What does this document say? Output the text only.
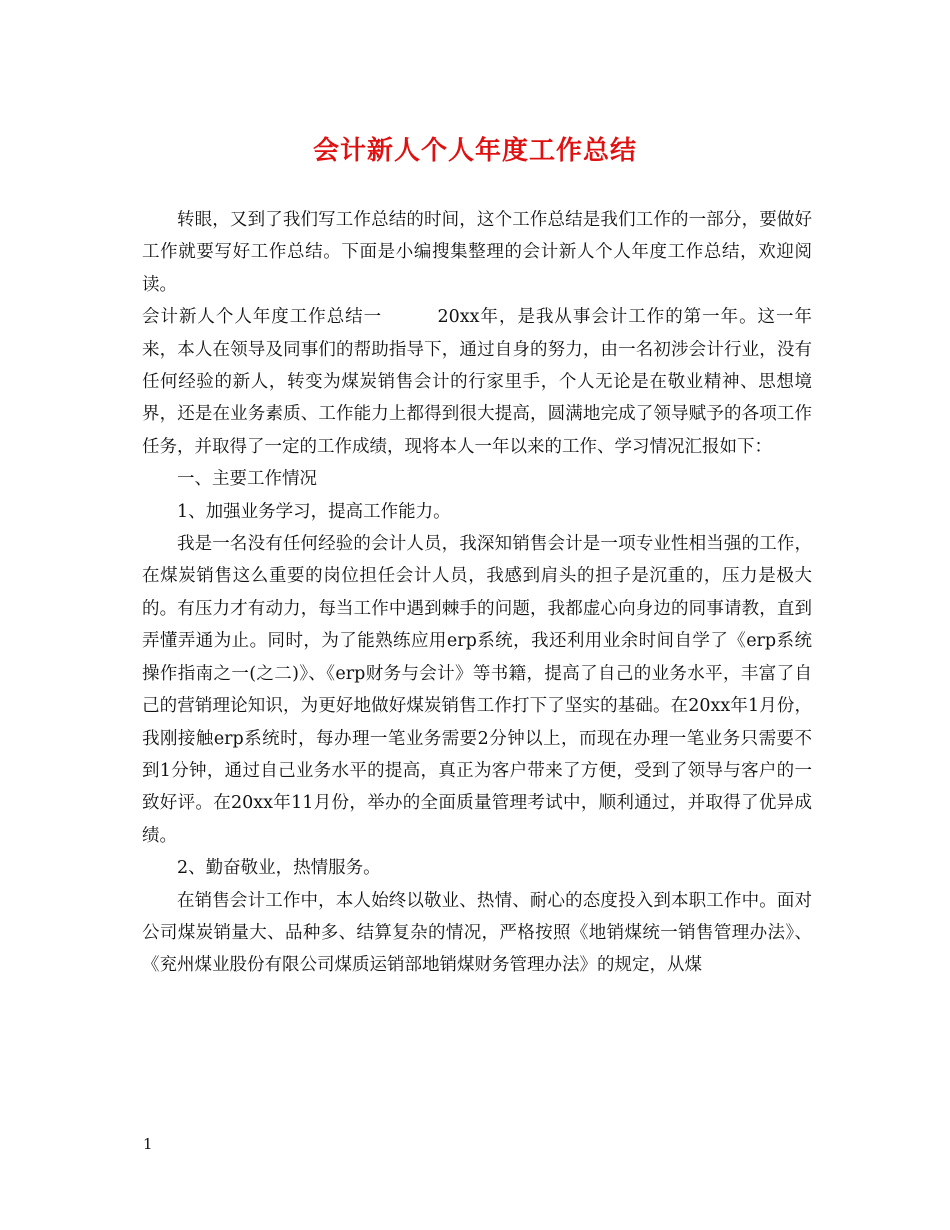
会计新人个人年度工作总结

转眼，又到了我们写工作总结的时间，这个工作总结是我们工作的一部分，要做好工作就要写好工作总结。下面是小编搜集整理的会计新人个人年度工作总结，欢迎阅读。

会计新人个人年度工作总结一　　　20xx年，是我从事会计工作的第一年。这一年来，本人在领导及同事们的帮助指导下，通过自身的努力，由一名初涉会计行业，没有任何经验的新人，转变为煤炭销售会计的行家里手，个人无论是在敬业精神、思想境界，还是在业务素质、工作能力上都得到很大提高，圆满地完成了领导赋予的各项工作任务，并取得了一定的工作成绩，现将本人一年以来的工作、学习情况汇报如下：

一、主要工作情况

1、加强业务学习，提高工作能力。

我是一名没有任何经验的会计人员，我深知销售会计是一项专业性相当强的工作，在煤炭销售这么重要的岗位担任会计人员，我感到肩头的担子是沉重的，压力是极大的。有压力才有动力，每当工作中遇到棘手的问题，我都虚心向身边的同事请教，直到弄懂弄通为止。同时，为了能熟练应用erp系统，我还利用业余时间自学了《erp系统操作指南之一(之二)》、《erp财务与会计》等书籍，提高了自己的业务水平，丰富了自己的营销理论知识，为更好地做好煤炭销售工作打下了坚实的基础。在20xx年1月份，我刚接触erp系统时，每办理一笔业务需要2分钟以上，而现在办理一笔业务只需要不到1分钟，通过自己业务水平的提高，真正为客户带来了方便，受到了领导与客户的一致好评。在20xx年11月份，举办的全面质量管理考试中，顺利通过，并取得了优异成绩。

2、勤奋敬业，热情服务。

在销售会计工作中，本人始终以敬业、热情、耐心的态度投入到本职工作中。面对公司煤炭销量大、品种多、结算复杂的情况，严格按照《地销煤统一销售管理办法》、《兖州煤业股份有限公司煤质运销部地销煤财务管理办法》的规定，从煤

1
